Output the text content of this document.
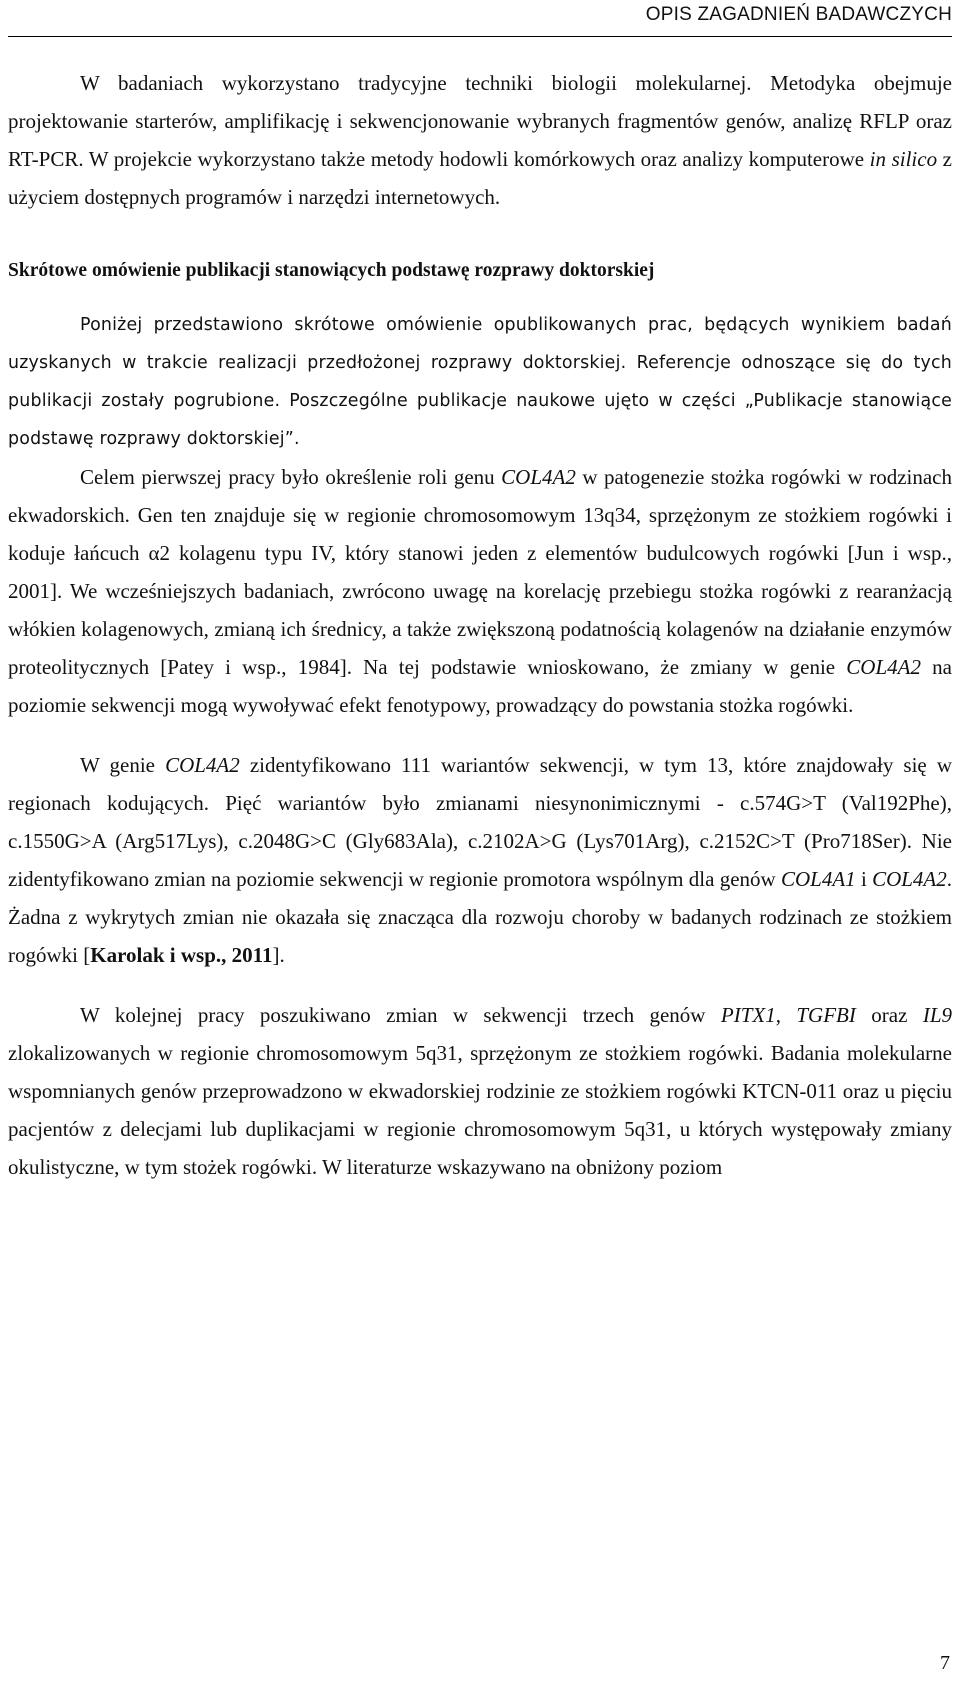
OPIS ZAGADNIEŃ BADAWCZYCH

W badaniach wykorzystano tradycyjne techniki biologii molekularnej. Metodyka obejmuje projektowanie starterów, amplifikację i sekwencjonowanie wybranych fragmentów genów, analizę RFLP oraz RT-PCR. W projekcie wykorzystano także metody hodowli komórkowych oraz analizy komputerowe in silico z użyciem dostępnych programów i narzędzi internetowych.

Skrótowe omówienie publikacji stanowiących podstawę rozprawy doktorskiej

Poniżej przedstawiono skrótowe omówienie opublikowanych prac, będących wynikiem badań uzyskanych w trakcie realizacji przedłożonej rozprawy doktorskiej. Referencje odnoszące się do tych publikacji zostały pogrubione. Poszczególne publikacje naukowe ujęto w części „Publikacje stanowiące podstawę rozprawy doktorskiej”.

Celem pierwszej pracy było określenie roli genu COL4A2 w patogenezie stożka rogówki w rodzinach ekwadorskich. Gen ten znajduje się w regionie chromosomowym 13q34, sprzężonym ze stożkiem rogówki i koduje łańcuch α2 kolagenu typu IV, który stanowi jeden z elementów budulcowych rogówki [Jun i wsp., 2001]. We wcześniejszych badaniach, zwrócono uwagę na korelację przebiegu stożka rogówki z rearanżacją włókien kolagenowych, zmianą ich średnicy, a także zwiększoną podatnością kolagenów na działanie enzymów proteolitycznych [Patey i wsp., 1984]. Na tej podstawie wnioskowano, że zmiany w genie COL4A2 na poziomie sekwencji mogą wywoływać efekt fenotypowy, prowadzący do powstania stożka rogówki.

W genie COL4A2 zidentyfikowano 111 wariantów sekwencji, w tym 13, które znajdowały się w regionach kodujących. Pięć wariantów było zmianami niesynonimicznymi - c.574G>T (Val192Phe), c.1550G>A (Arg517Lys), c.2048G>C (Gly683Ala), c.2102A>G (Lys701Arg), c.2152C>T (Pro718Ser). Nie zidentyfikowano zmian na poziomie sekwencji w regionie promotora wspólnym dla genów COL4A1 i COL4A2. Żadna z wykrytych zmian nie okazała się znacząca dla rozwoju choroby w badanych rodzinach ze stożkiem rogówki [Karolak i wsp., 2011].

W kolejnej pracy poszukiwano zmian w sekwencji trzech genów PITX1, TGFBI oraz IL9 zlokalizowanych w regionie chromosomowym 5q31, sprzężonym ze stożkiem rogówki. Badania molekularne wspomnianych genów przeprowadzono w ekwadorskiej rodzinie ze stożkiem rogówki KTCN-011 oraz u pięciu pacjentów z delecjami lub duplikacjami w regionie chromosomowym 5q31, u których występowały zmiany okulistyczne, w tym stożek rogówki. W literaturze wskazywano na obniżony poziom

7
